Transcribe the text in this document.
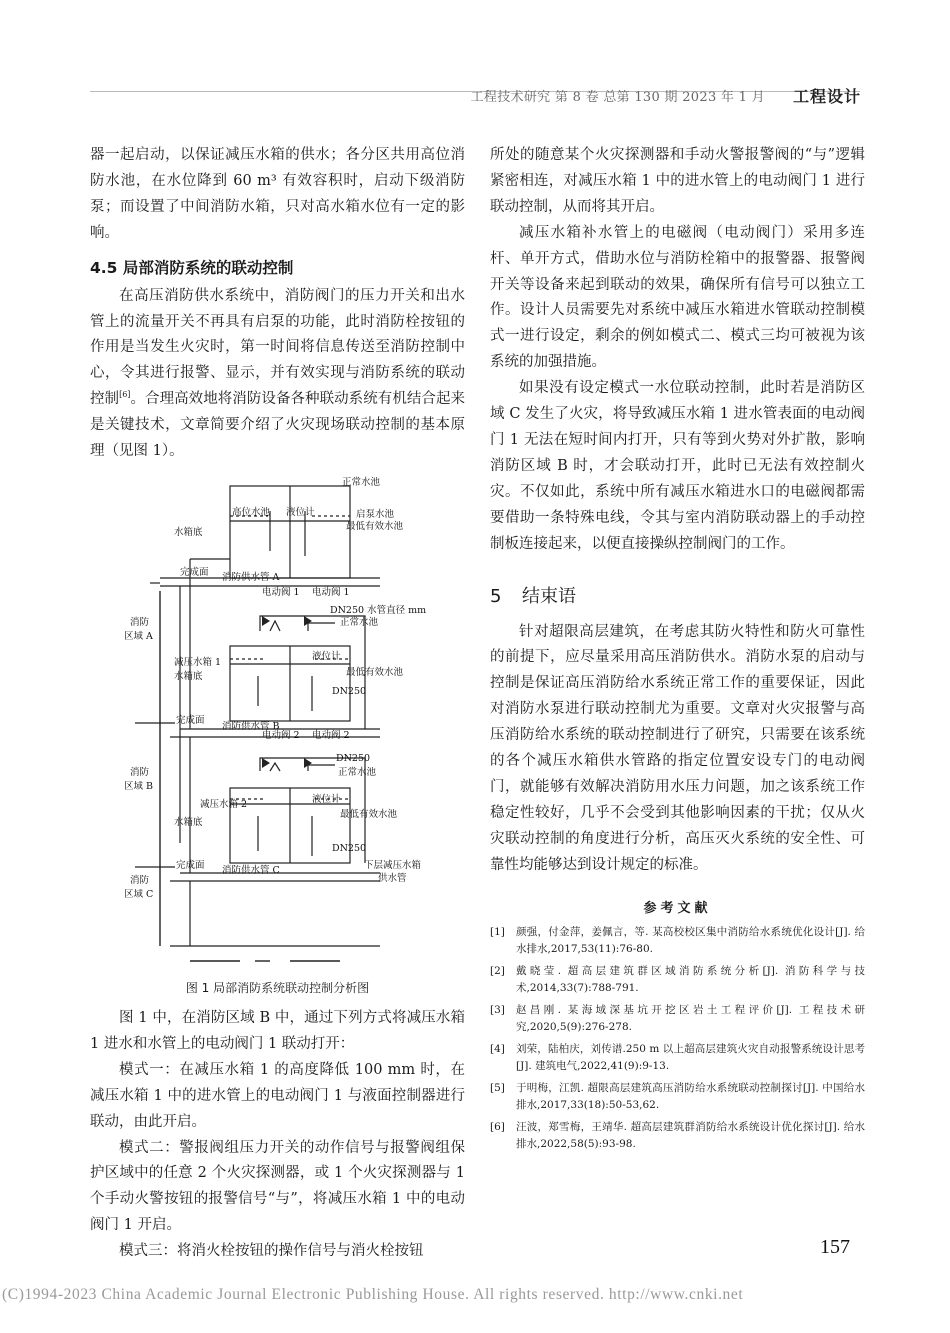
工程技术研究 第 8 卷 总第 130 期 2023 年 1 月 工程设计

器一起启动，以保证减压水箱的供水；各分区共用高位消防水池，在水位降到 60 m³ 有效容积时，启动下级消防泵；而设置了中间消防水箱，只对高水箱水位有一定的影响。

4.5 局部消防系统的联动控制

在高压消防供水系统中，消防阀门的压力开关和出水管上的流量开关不再具有启泵的功能，此时消防栓按钮的作用是当发生火灾时，第一时间将信息传送至消防控制中心，令其进行报警、显示，并有效实现与消防系统的联动控制[6]。合理高效地将消防设备各种联动系统有机结合起来是关键技术，文章简要介绍了火灾现场联动控制的基本原理（见图 1）。

正常水池
高位水池 液位计	启泵水池
最低有效水池
水箱底
完成面 消防供水管 A
电动阀 1 电动阀 1
DN250 水管直径 mm
正常水池
消防
区域 A
减压水箱 1
水箱底
液位计
最低有效水池
DN250
完成面
消防供水管 B
电动阀 2 电动阀 2
DN250
正常水池
消防
区域 B
减压水箱 2	液位计
最低有效水池
水箱底
DN250
完成面 消防供水管 C	下层减压水箱
供水管
消防
区域 C
图 1 局部消防系统联动控制分析图

图 1 中，在消防区域 B 中，通过下列方式将减压水箱 1 进水和水管上的电动阀门 1 联动打开：

模式一：在减压水箱 1 的高度降低 100 mm 时，在减压水箱 1 中的进水管上的电动阀门 1 与液面控制器进行联动，由此开启。

模式二：警报阀组压力开关的动作信号与报警阀组保护区域中的任意 2 个火灾探测器，或 1 个火灾探测器与 1 个手动火警按钮的报警信号“与”，将减压水箱 1 中的电动阀门 1 开启。

模式三：将消火栓按钮的操作信号与消火栓按钮

所处的随意某个火灾探测器和手动火警报警阀的“与”逻辑紧密相连，对减压水箱 1 中的进水管上的电动阀门 1 进行联动控制，从而将其开启。

减压水箱补水管上的电磁阀（电动阀门）采用多连杆、单开方式，借助水位与消防栓箱中的报警器、报警阀开关等设备来起到联动的效果，确保所有信号可以独立工作。设计人员需要先对系统中减压水箱进水管联动控制模式一进行设定，剩余的例如模式二、模式三均可被视为该系统的加强措施。

如果没有设定模式一水位联动控制，此时若是消防区域 C 发生了火灾，将导致减压水箱 1 进水管表面的电动阀门 1 无法在短时间内打开，只有等到火势对外扩散，影响消防区域 B 时，才会联动打开，此时已无法有效控制火灾。不仅如此，系统中所有减压水箱进水口的电磁阀都需要借助一条特殊电线，令其与室内消防联动器上的手动控制板连接起来，以便直接操纵控制阀门的工作。

5 结束语

针对超限高层建筑，在考虑其防火特性和防火可靠性的前提下，应尽量采用高压消防供水。消防水泵的启动与控制是保证高压消防给水系统正常工作的重要保证，因此对消防水泵进行联动控制尤为重要。文章对火灾报警与高压消防给水系统的联动控制进行了研究，只需要在该系统的各个减压水箱供水管路的指定位置安设专门的电动阀门，就能够有效解决消防用水压力问题，加之该系统工作稳定性较好，几乎不会受到其他影响因素的干扰；仅从火灾联动控制的角度进行分析，高压灭火系统的安全性、可靠性均能够达到设计规定的标准。

参考文献
[1]	颜强，付金萍，姜佩言，等. 某高校校区集中消防给水系统优化设计[J]. 给水排水,2017,53(11):76-80.
[2]	戴晓莹. 超高层建筑群区域消防系统分析[J]. 消防科学与技术,2014,33(7):788-791.
[3]	赵昌刚. 某海域深基坑开挖区岩土工程评价[J]. 工程技术研究,2020,5(9):276-278.
[4]	刘荣，陆柏庆，刘传谱.250 m 以上超高层建筑火灾自动报警系统设计思考[J]. 建筑电气,2022,41(9):9-13.
[5]	于明梅，江凯. 超限高层建筑高压消防给水系统联动控制探讨[J]. 中国给水排水,2017,33(18):50-53,62.
[6]	汪波，郑雪梅，王靖华. 超高层建筑群消防给水系统设计优化探讨[J]. 给水排水,2022,58(5):93-98.
157
(C)1994-2023 China Academic Journal Electronic Publishing House. All rights reserved. http://www.cnki.net
